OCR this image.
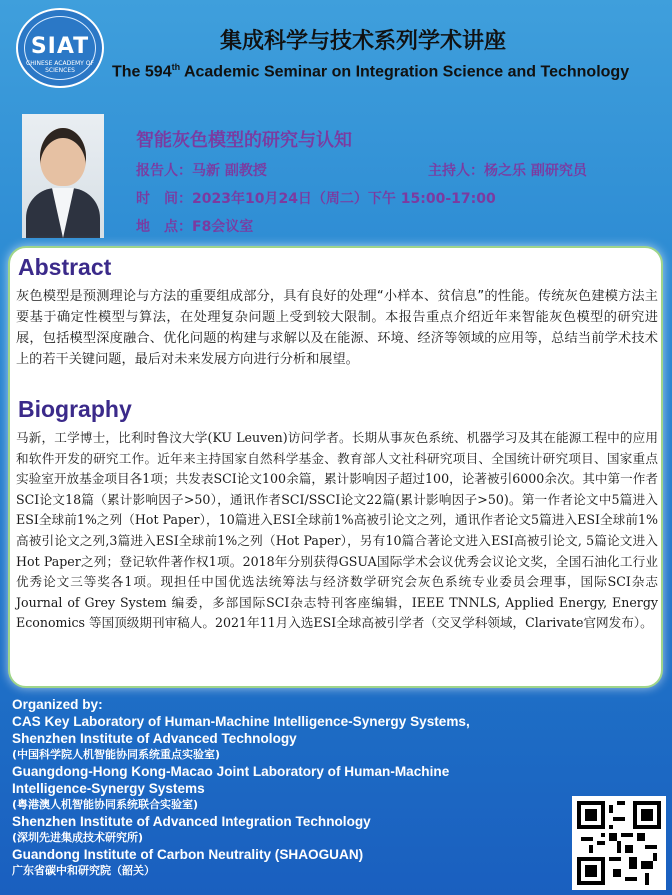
SIAT
CHINESE ACADEMY OF SCIENCES
集成科学与技术系列学术讲座
The 594th Academic Seminar on Integration Science and Technology
智能灰色模型的研究与认知
报告人：马新 副教授	主持人：杨之乐 副研究员
时　间：2023年10月24日（周二）下午 15:00-17:00
地　点：F8会议室
Abstract
灰色模型是预测理论与方法的重要组成部分，具有良好的处理“小样本、贫信息”的性能。传统灰色建模方法主要基于确定性模型与算法，在处理复杂问题上受到较大限制。本报告重点介绍近年来智能灰色模型的研究进展，包括模型深度融合、优化问题的构建与求解以及在能源、环境、经济等领域的应用等，总结当前学术技术上的若干关键问题，最后对未来发展方向进行分析和展望。
Biography
马新，工学博士，比利时鲁汶大学(KU Leuven)访问学者。长期从事灰色系统、机器学习及其在能源工程中的应用和软件开发的研究工作。近年来主持国家自然科学基金、教育部人文社科研究项目、全国统计研究项目、国家重点实验室开放基金项目各1项；共发表SCI论文100余篇，累计影响因子超过100，论著被引6000余次。其中第一作者SCI论文18篇（累计影响因子>50），通讯作者SCI/SSCI论文22篇(累计影响因子>50)。第一作者论文中5篇进入ESI全球前1%之列（Hot Paper），10篇进入ESI全球前1%高被引论文之列，通讯作者论文5篇进入ESI全球前1%高被引论文之列,3篇进入ESI全球前1%之列（Hot Paper），另有10篇合著论文进入ESI高被引论文, 5篇论文进入Hot Paper之列；登记软件著作权1项。2018年分别获得GSUA国际学术会议优秀会议论文奖，全国石油化工行业优秀论文三等奖各1项。现担任中国优选法统筹法与经济数学研究会灰色系统专业委员会理事，国际SCI杂志 Journal of Grey System 编委，多部国际SCI杂志特刊客座编辑，IEEE TNNLS, Applied Energy, Energy Economics 等国顶级期刊审稿人。2021年11月入选ESI全球高被引学者（交叉学科领域，Clarivate官网发布）。
Organized by:
CAS Key Laboratory of Human-Machine Intelligence-Synergy Systems,
Shenzhen Institute of Advanced Technology
(中国科学院人机智能协同系统重点实验室)
Guangdong-Hong Kong-Macao Joint Laboratory of Human-Machine
Intelligence-Synergy Systems
(粤港澳人机智能协同系统联合实验室)
Shenzhen Institute of Advanced Integration Technology
(深圳先进集成技术研究所)
Guandong Institute of Carbon Neutrality (SHAOGUAN)
广东省碳中和研究院（韶关）
